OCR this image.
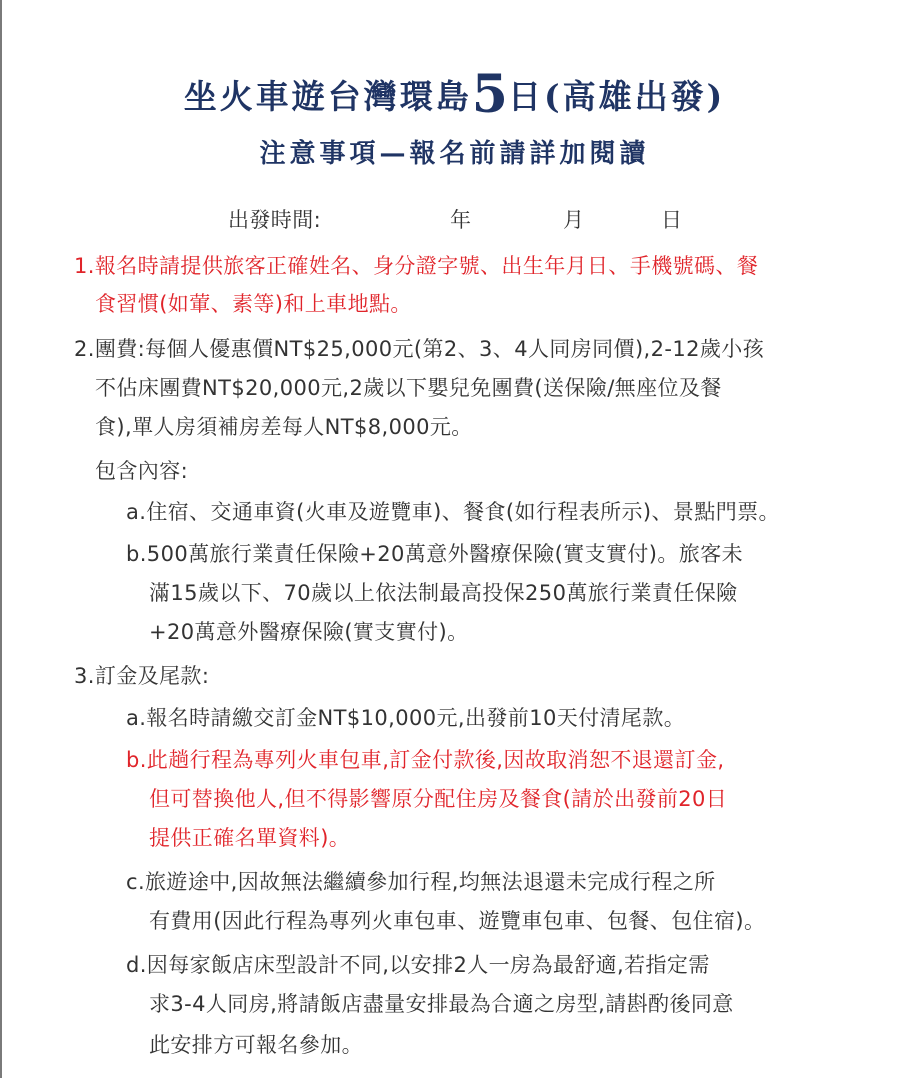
坐火車遊台灣環島5日(高雄出發)
注意事項—報名前請詳加閱讀
出發時間:	年	月	日
1.報名時請提供旅客正確姓名、身分證字號、出生年月日、手機號碼、餐
食習慣(如葷、素等)和上車地點。
2.團費:每個人優惠價NT$25,000元(第2、3、4人同房同價),2-12歲小孩
不佔床團費NT$20,000元,2歲以下嬰兒免團費(送保險/無座位及餐
食),單人房須補房差每人NT$8,000元。
包含內容:
a.住宿、交通車資(火車及遊覽車)、餐食(如行程表所示)、景點門票。
b.500萬旅行業責任保險+20萬意外醫療保險(實支實付)。旅客未
滿15歲以下、70歲以上依法制最高投保250萬旅行業責任保險
+20萬意外醫療保險(實支實付)。
3.訂金及尾款:
a.報名時請繳交訂金NT$10,000元,出發前10天付清尾款。
b.此趟行程為專列火車包車,訂金付款後,因故取消恕不退還訂金,
但可替換他人,但不得影響原分配住房及餐食(請於出發前20日
提供正確名單資料)。
c.旅遊途中,因故無法繼續參加行程,均無法退還未完成行程之所
有費用(因此行程為專列火車包車、遊覽車包車、包餐、包住宿)。
d.因每家飯店床型設計不同,以安排2人一房為最舒適,若指定需
求3-4人同房,將請飯店盡量安排最為合適之房型,請斟酌後同意
此安排方可報名參加。
